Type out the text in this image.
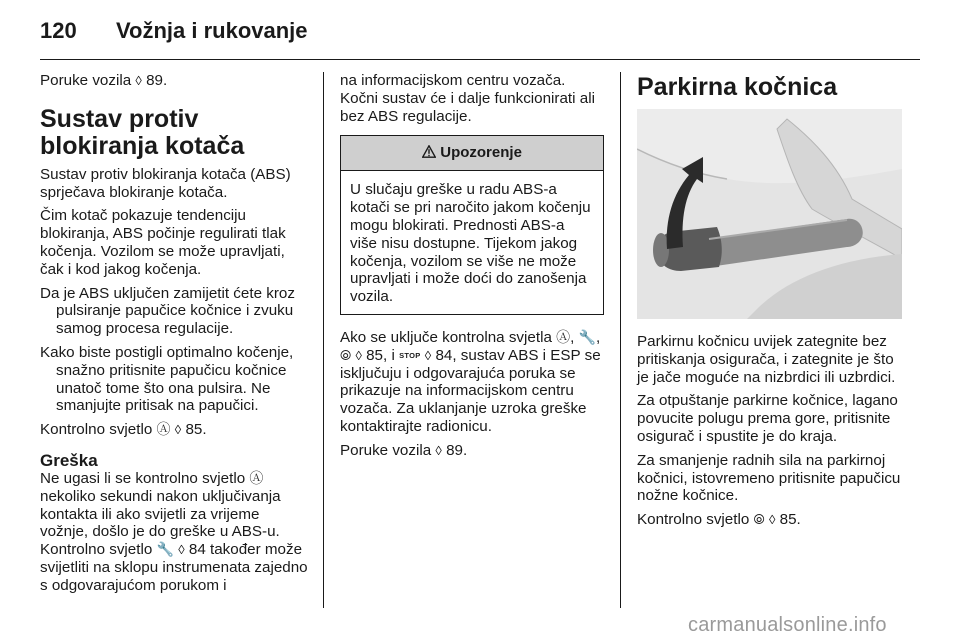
120	Vožnja i rukovanje

Poruke vozila ◊ 89.

Sustav protiv blokiranja kotača

Sustav protiv blokiranja kotača (ABS) sprječava blokiranje kotača.

Čim kotač pokazuje tendenciju blokiranja, ABS počinje regulirati tlak kočenja. Vozilom se može upravljati, čak i kod jakog kočenja.

Da je ABS uključen zamijetit ćete kroz pulsiranje papučice kočnice i zvuku samog procesa regulacije.

Kako biste postigli optimalno kočenje, snažno pritisnite papučicu kočnice unatoč tome što ona pulsira. Ne smanjujte pritisak na papučici.

Kontrolno svjetlo Ⓐ ◊ 85.

Greška

Ne ugasi li se kontrolno svjetlo Ⓐ nekoliko sekundi nakon uključivanja kontakta ili ako svijetli za vrijeme vožnje, došlo je do greške u ABS-u. Kontrolno svjetlo 🔧 ◊ 84 također može svijetliti na sklopu instrumenata zajedno s odgovarajućom porukom i

na informacijskom centru vozača. Kočni sustav će i dalje funkcionirati ali bez ABS regulacije.

Upozorenje
U slučaju greške u radu ABS-a kotači se pri naročito jakom kočenju mogu blokirati. Prednosti ABS-a više nisu dostupne. Tijekom jakog kočenja, vozilom se više ne može upravljati i može doći do zanošenja vozila.

Ako se uključe kontrolna svjetla Ⓐ, 🔧, ⦾ ◊ 85, i STOP ◊ 84, sustav ABS i ESP se isključuju i odgovarajuća poruka se prikazuje na informacijskom centru vozača. Za uklanjanje uzroka greške kontaktirajte radionicu.

Poruke vozila ◊ 89.

Parkirna kočnica

Parkirnu kočnicu uvijek zategnite bez pritiskanja osigurača, i zategnite je što je jače moguće na nizbrdici ili uzbrdici.

Za otpuštanje parkirne kočnice, lagano povucite polugu prema gore, pritisnite osigurač i spustite je do kraja.

Za smanjenje radnih sila na parkirnoj kočnici, istovremeno pritisnite papučicu nožne kočnice.

Kontrolno svjetlo ⦾ ◊ 85.

carmanualsonline.info
